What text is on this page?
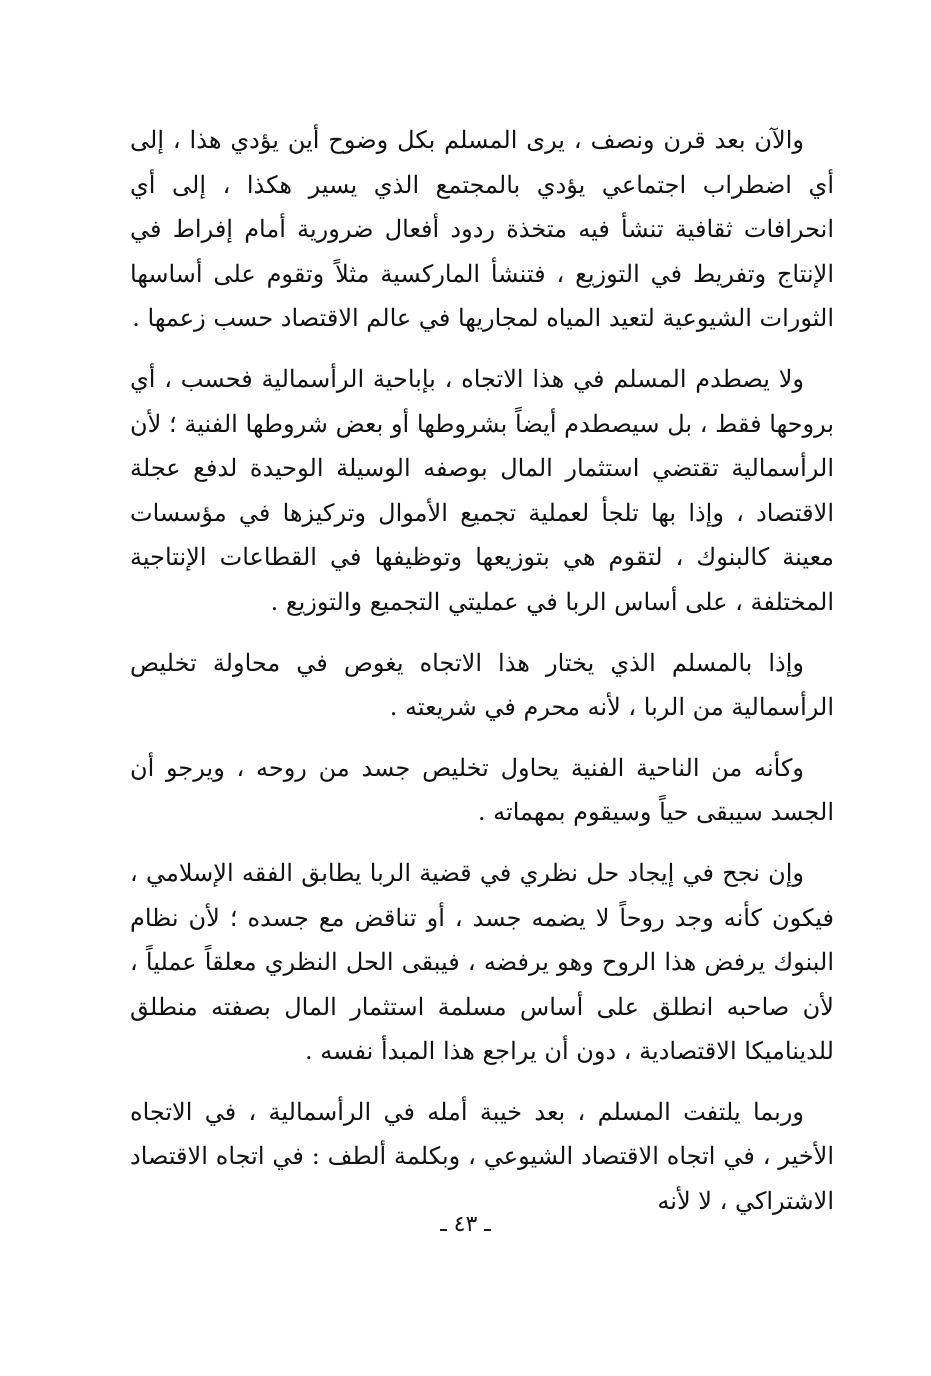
والآن بعد قرن ونصف ، يرى المسلم بكل وضوح أين يؤدي هذا ، إلى أي اضطراب اجتماعي يؤدي بالمجتمع الذي يسير هكذا ، إلى أي انحرافات ثقافية تنشأ فيه متخذة ردود أفعال ضرورية أمام إفراط في الإنتاج وتفريط في التوزيع ، فتنشأ الماركسية مثلاً وتقوم على أساسها الثورات الشيوعية لتعيد المياه لمجاريها في عالم الاقتصاد حسب زعمها .

ولا يصطدم المسلم في هذا الاتجاه ، بإباحية الرأسمالية فحسب ، أي بروحها فقط ، بل سيصطدم أيضاً بشروطها أو بعض شروطها الفنية ؛ لأن الرأسمالية تقتضي استثمار المال بوصفه الوسيلة الوحيدة لدفع عجلة الاقتصاد ، وإذا بها تلجأ لعملية تجميع الأموال وتركيزها في مؤسسات معينة كالبنوك ، لتقوم هي بتوزيعها وتوظيفها في القطاعات الإنتاجية المختلفة ، على أساس الربا في عمليتي التجميع والتوزيع .

وإذا بالمسلم الذي يختار هذا الاتجاه يغوص في محاولة تخليص الرأسمالية من الربا ، لأنه محرم في شريعته .

وكأنه من الناحية الفنية يحاول تخليص جسد من روحه ، ويرجو أن الجسد سيبقى حياً وسيقوم بمهماته .

وإن نجح في إيجاد حل نظري في قضية الربا يطابق الفقه الإسلامي ، فيكون كأنه وجد روحاً لا يضمه جسد ، أو تناقض مع جسده ؛ لأن نظام البنوك يرفض هذا الروح وهو يرفضه ، فيبقى الحل النظري معلقاً عملياً ، لأن صاحبه انطلق على أساس مسلمة استثمار المال بصفته منطلق للديناميكا الاقتصادية ، دون أن يراجع هذا المبدأ نفسه .

وربما يلتفت المسلم ، بعد خيبة أمله في الرأسمالية ، في الاتجاه الأخير ، في اتجاه الاقتصاد الشيوعي ، وبكلمة ألطف : في اتجاه الاقتصاد الاشتراكي ، لا لأنه

ـ ٤٣ ـ
